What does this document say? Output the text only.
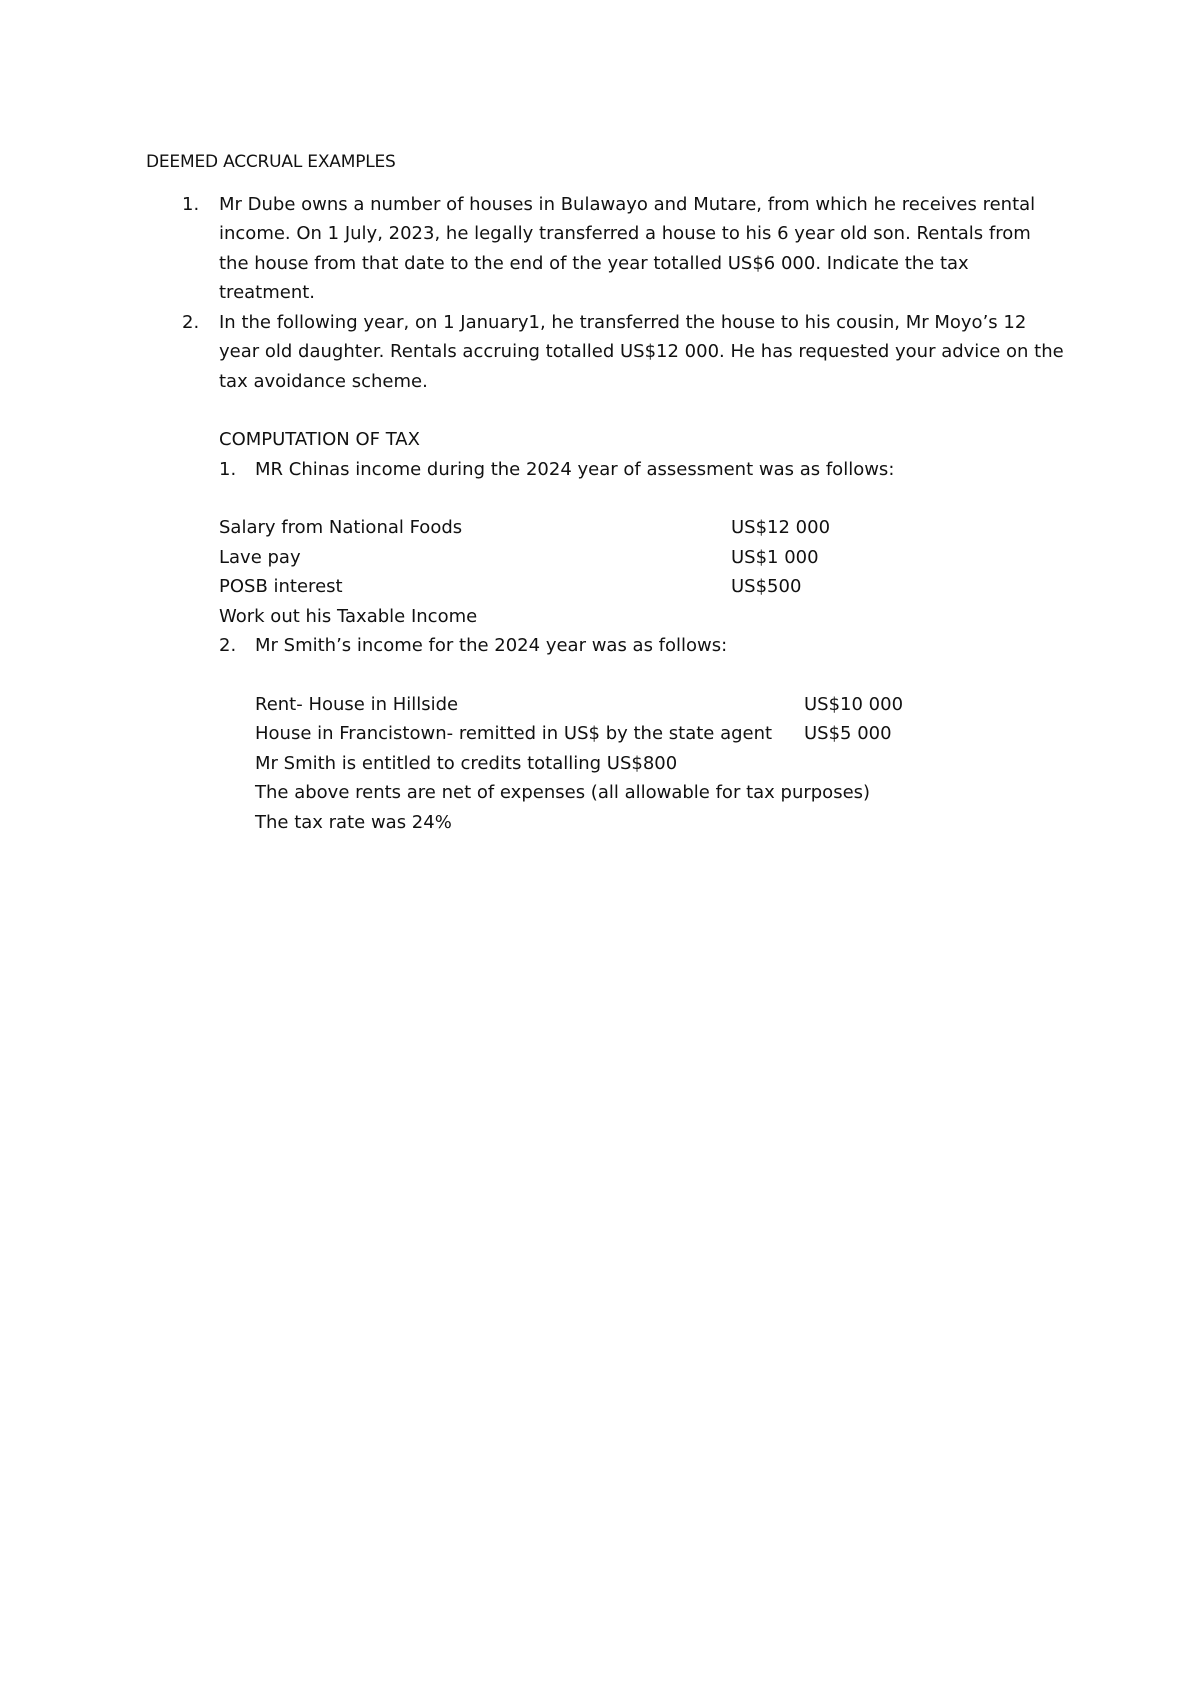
DEEMED ACCRUAL EXAMPLES
1. Mr Dube owns a number of houses in Bulawayo and Mutare, from which he receives rental income. On 1 July, 2023, he legally transferred a house to his 6 year old son. Rentals from the house from that date to the end of the year totalled US$6 000. Indicate the tax treatment.
2. In the following year, on 1 January1, he transferred the house to his cousin, Mr Moyo’s 12 year old daughter. Rentals accruing totalled US$12 000. He has requested your advice on the tax avoidance scheme.
COMPUTATION OF TAX
1. MR Chinas income during the 2024 year of assessment was as follows:
Salary from National Foods	US$12 000
Lave pay	US$1 000
POSB interest	US$500
Work out his Taxable Income
2. Mr Smith’s income for the 2024 year was as follows:
Rent- House in Hillside	US$10 000
House in Francistown- remitted in US$ by the state agent	US$5 000
Mr Smith is entitled to credits totalling US$800
The above rents are net of expenses (all allowable for tax purposes)
The tax rate was 24%
